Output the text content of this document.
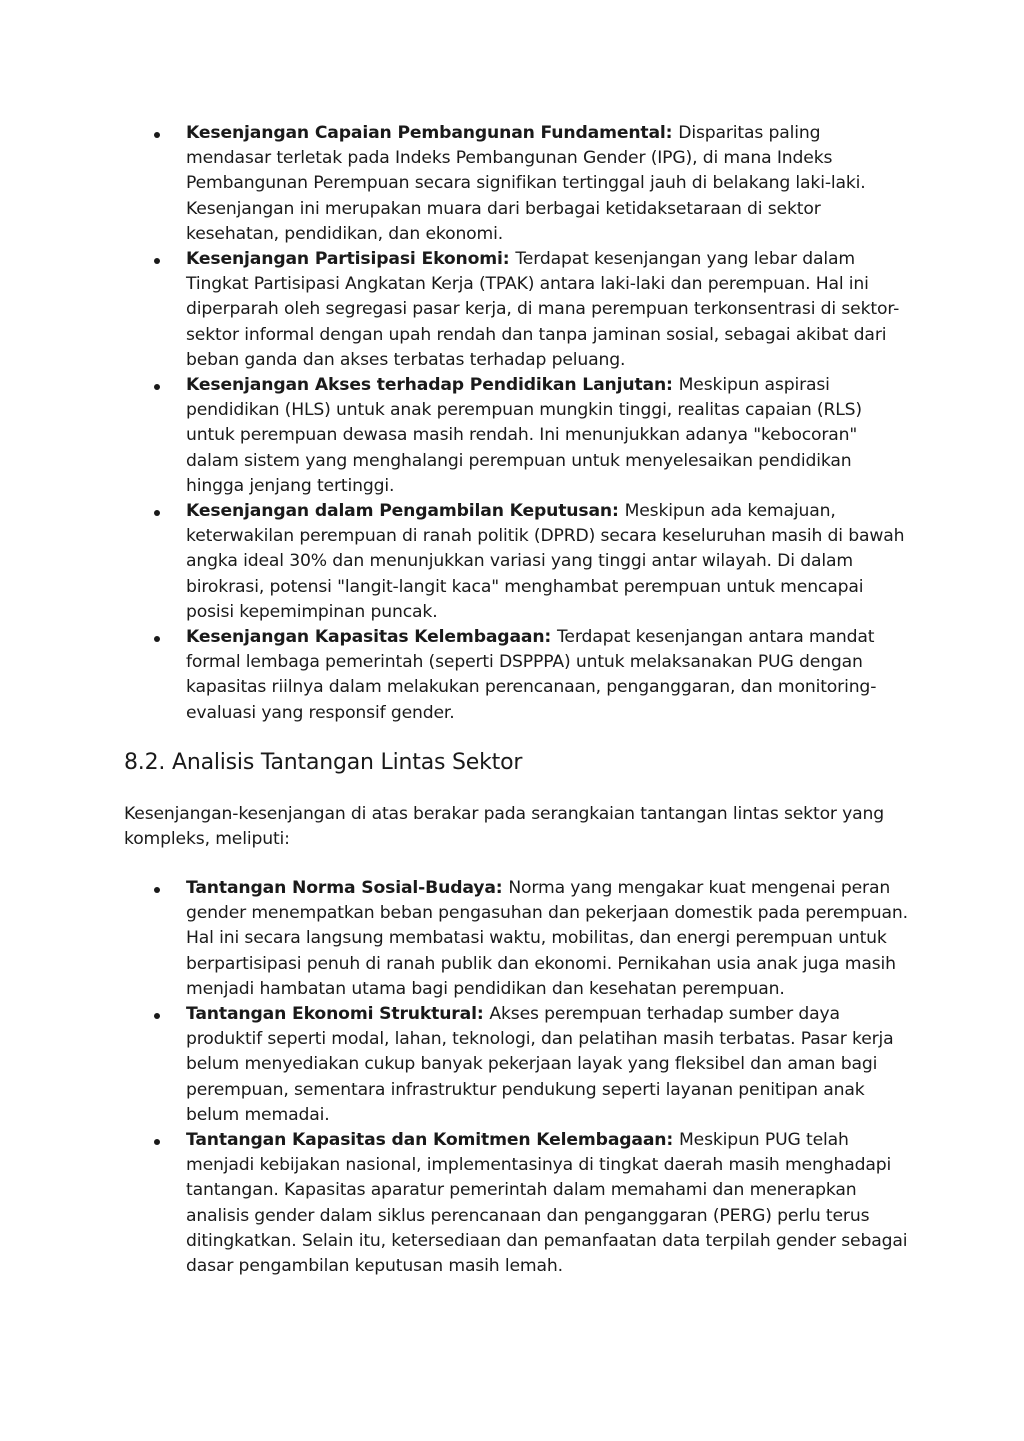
Kesenjangan Capaian Pembangunan Fundamental: Disparitas paling mendasar terletak pada Indeks Pembangunan Gender (IPG), di mana Indeks Pembangunan Perempuan secara signifikan tertinggal jauh di belakang laki-laki. Kesenjangan ini merupakan muara dari berbagai ketidaksetaraan di sektor kesehatan, pendidikan, dan ekonomi.
Kesenjangan Partisipasi Ekonomi: Terdapat kesenjangan yang lebar dalam Tingkat Partisipasi Angkatan Kerja (TPAK) antara laki-laki dan perempuan. Hal ini diperparah oleh segregasi pasar kerja, di mana perempuan terkonsentrasi di sektor-sektor informal dengan upah rendah dan tanpa jaminan sosial, sebagai akibat dari beban ganda dan akses terbatas terhadap peluang.
Kesenjangan Akses terhadap Pendidikan Lanjutan: Meskipun aspirasi pendidikan (HLS) untuk anak perempuan mungkin tinggi, realitas capaian (RLS) untuk perempuan dewasa masih rendah. Ini menunjukkan adanya "kebocoran" dalam sistem yang menghalangi perempuan untuk menyelesaikan pendidikan hingga jenjang tertinggi.
Kesenjangan dalam Pengambilan Keputusan: Meskipun ada kemajuan, keterwakilan perempuan di ranah politik (DPRD) secara keseluruhan masih di bawah angka ideal 30% dan menunjukkan variasi yang tinggi antar wilayah. Di dalam birokrasi, potensi "langit-langit kaca" menghambat perempuan untuk mencapai posisi kepemimpinan puncak.
Kesenjangan Kapasitas Kelembagaan: Terdapat kesenjangan antara mandat formal lembaga pemerintah (seperti DSPPPA) untuk melaksanakan PUG dengan kapasitas riilnya dalam melakukan perencanaan, penganggaran, dan monitoring-evaluasi yang responsif gender.
8.2. Analisis Tantangan Lintas Sektor

Kesenjangan-kesenjangan di atas berakar pada serangkaian tantangan lintas sektor yang kompleks, meliputi:

Tantangan Norma Sosial-Budaya: Norma yang mengakar kuat mengenai peran gender menempatkan beban pengasuhan dan pekerjaan domestik pada perempuan. Hal ini secara langsung membatasi waktu, mobilitas, dan energi perempuan untuk berpartisipasi penuh di ranah publik dan ekonomi. Pernikahan usia anak juga masih menjadi hambatan utama bagi pendidikan dan kesehatan perempuan.
Tantangan Ekonomi Struktural: Akses perempuan terhadap sumber daya produktif seperti modal, lahan, teknologi, dan pelatihan masih terbatas. Pasar kerja belum menyediakan cukup banyak pekerjaan layak yang fleksibel dan aman bagi perempuan, sementara infrastruktur pendukung seperti layanan penitipan anak belum memadai.
Tantangan Kapasitas dan Komitmen Kelembagaan: Meskipun PUG telah menjadi kebijakan nasional, implementasinya di tingkat daerah masih menghadapi tantangan. Kapasitas aparatur pemerintah dalam memahami dan menerapkan analisis gender dalam siklus perencanaan dan penganggaran (PERG) perlu terus ditingkatkan. Selain itu, ketersediaan dan pemanfaatan data terpilah gender sebagai dasar pengambilan keputusan masih lemah.
